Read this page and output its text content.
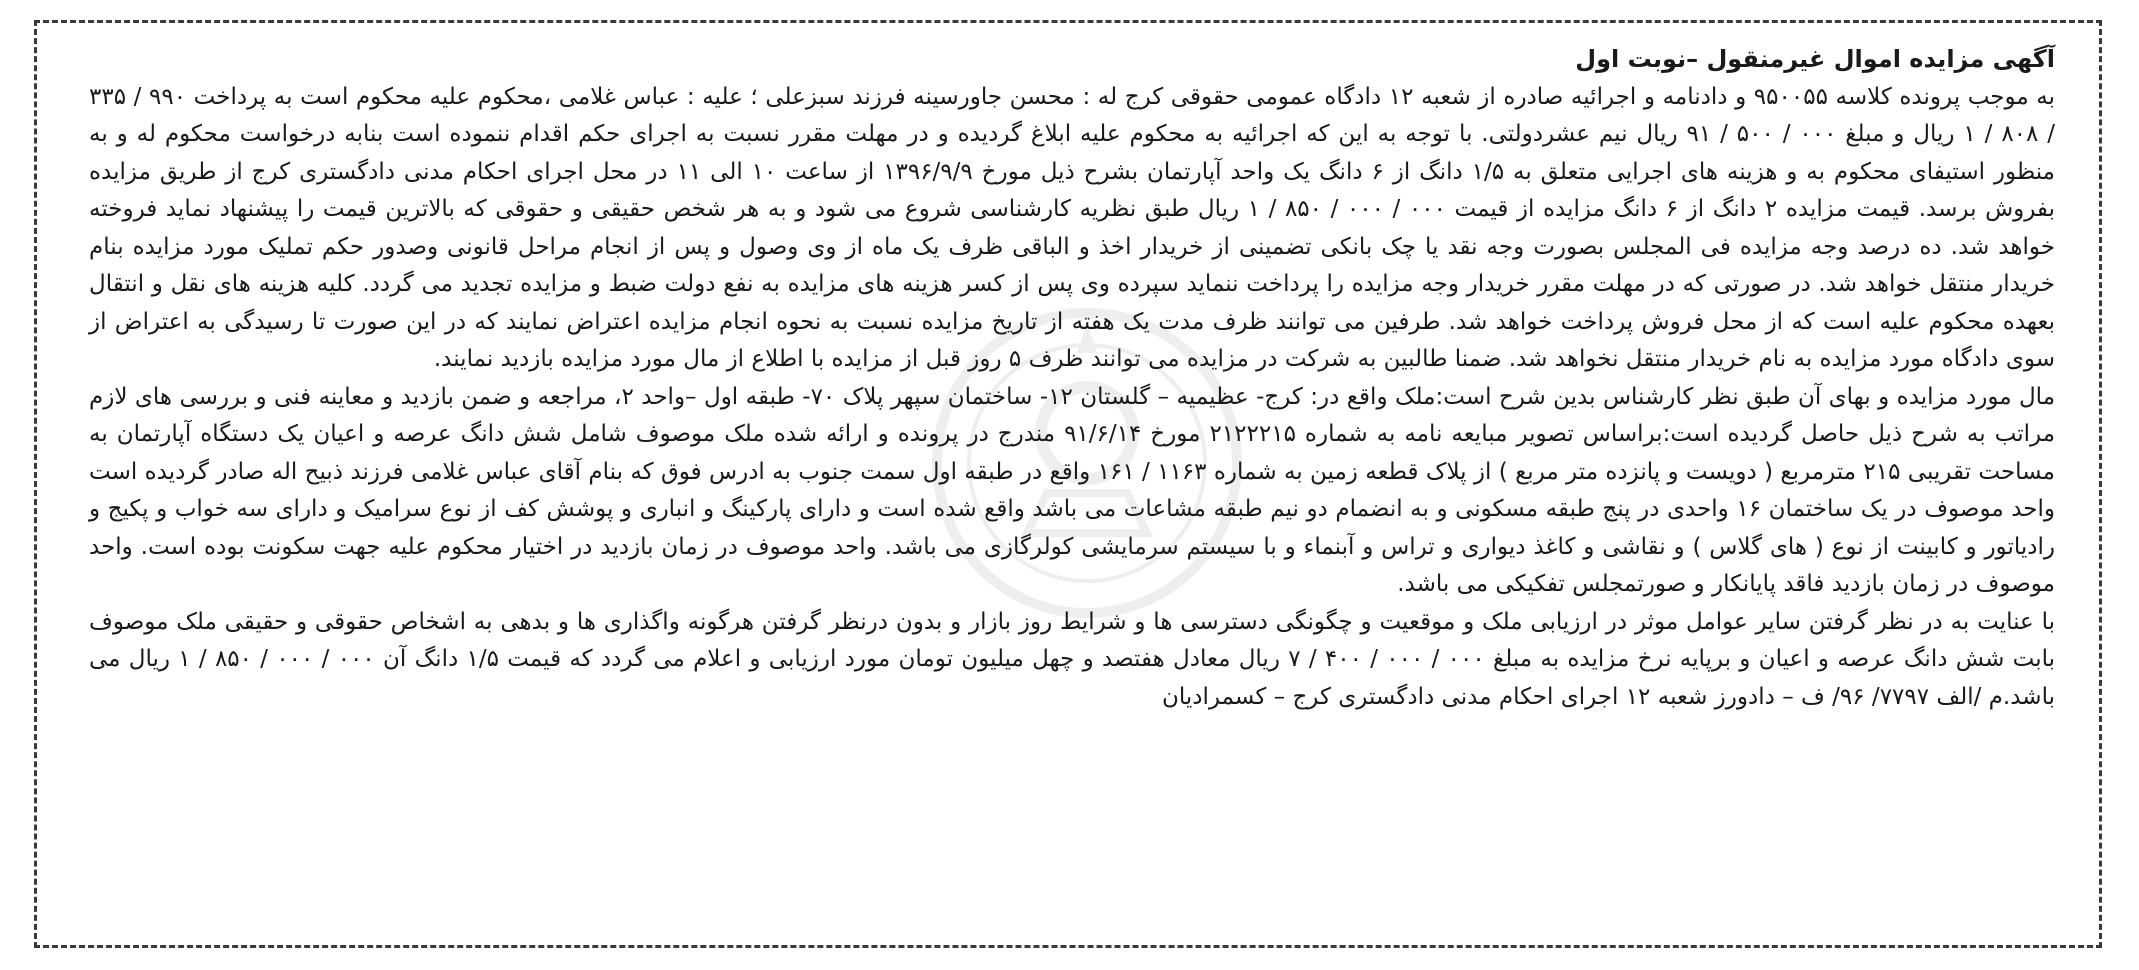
آگهی مزایده اموال غیرمنقول –نوبت اول

به موجب پرونده کلاسه ۹۵۰۰۵۵ و دادنامه و اجرائیه صادره از شعبه ۱۲ دادگاه عمومی حقوقی کرج له : محسن جاورسینه فرزند سبزعلی ؛ علیه : عباس غلامی ،محکوم علیه محکوم است به پرداخت ۹۹۰ / ۳۳۵ / ۸۰۸ / ۱ ریال و مبلغ ۰۰۰ / ۵۰۰ / ۹۱ ریال نیم عشردولتی. با توجه به این که اجرائیه به محکوم علیه ابلاغ گردیده و در مهلت مقرر نسبت به اجرای حکم اقدام ننموده است بنابه درخواست محکوم له و به منظور استیفای محکوم به و هزینه های اجرایی متعلق به ۱/۵ دانگ از ۶ دانگ یک واحد آپارتمان بشرح ذیل مورخ ۱۳۹۶/۹/۹ از ساعت ۱۰ الی ۱۱ در محل اجرای احکام مدنی دادگستری کرج از طریق مزایده بفروش برسد. قیمت مزایده ۲ دانگ از ۶ دانگ مزایده از قیمت ۰۰۰ / ۰۰۰ / ۸۵۰ / ۱ ریال طبق نظریه کارشناسی شروع می شود و به هر شخص حقیقی و حقوقی که بالاترین قیمت را پیشنهاد نماید فروخته خواهد شد. ده درصد وجه مزایده فی المجلس بصورت وجه نقد یا چک بانکی تضمینی از خریدار اخذ و الباقی ظرف یک ماه از وی وصول و پس از انجام مراحل قانونی وصدور حکم تملیک مورد مزایده بنام خریدار منتقل خواهد شد. در صورتی که در مهلت مقرر خریدار وجه مزایده را پرداخت ننماید سپرده وی پس از کسر هزینه های مزایده به نفع دولت ضبط و مزایده تجدید می گردد. کلیه هزینه های نقل و انتقال بعهده محکوم علیه است که از محل فروش پرداخت خواهد شد. طرفین می توانند ظرف مدت یک هفته از تاریخ مزایده نسبت به نحوه انجام مزایده اعتراض نمایند که در این صورت تا رسیدگی به اعتراض از سوی دادگاه مورد مزایده به نام خریدار منتقل نخواهد شد. ضمنا طالبین به شرکت در مزایده می توانند ظرف ۵ روز قبل از مزایده با اطلاع از مال مورد مزایده بازدید نمایند.

مال مورد مزایده و بهای آن طبق نظر کارشناس بدین شرح است:ملک واقع در: کرج- عظیمیه – گلستان ۱۲- ساختمان سپهر پلاک ۷۰- طبقه اول –واحد ۲، مراجعه و ضمن بازدید و معاینه فنی و بررسی های لازم مراتب به شرح ذیل حاصل گردیده است:براساس تصویر مبایعه نامه به شماره ۲۱۲۲۲۱۵ مورخ ۹۱/۶/۱۴ مندرج در پرونده و ارائه شده ملک موصوف شامل شش دانگ عرصه و اعیان یک دستگاه آپارتمان به مساحت تقریبی ۲۱۵ مترمربع ( دویست و پانزده متر مربع ) از پلاک قطعه زمین به شماره ۱۱۶۳ / ۱۶۱ واقع در طبقه اول سمت جنوب به ادرس فوق که بنام آقای عباس غلامی فرزند ذبیح اله صادر گردیده است واحد موصوف در یک ساختمان ۱۶ واحدی در پنج طبقه مسکونی و به انضمام دو نیم طبقه مشاعات می باشد واقع شده است و دارای پارکینگ و انباری و پوشش کف از نوع سرامیک و دارای سه خواب و پکیج و رادیاتور و کابینت از نوع ( های گلاس ) و نقاشی و کاغذ دیواری و تراس و آبنماء و با سیستم سرمایشی کولرگازی می باشد. واحد موصوف در زمان بازدید در اختیار محکوم علیه جهت سکونت بوده است. واحد موصوف در زمان بازدید فاقد پایانکار و صورتمجلس تفکیکی می باشد.

با عنایت به در نظر گرفتن سایر عوامل موثر در ارزیابی ملک و موقعیت و چگونگی دسترسی ها و شرایط روز بازار و بدون درنظر گرفتن هرگونه واگذاری ها و بدهی به اشخاص حقوقی و حقیقی ملک موصوف بابت شش دانگ عرصه و اعیان و برپایه نرخ مزایده به مبلغ ۰۰۰ / ۰۰۰ / ۴۰۰ / ۷ ریال معادل هفتصد و چهل میلیون تومان مورد ارزیابی و اعلام می گردد که قیمت ۱/۵ دانگ آن ۰۰۰ / ۰۰۰ / ۸۵۰ / ۱ ریال می باشد.م /الف ۷۷۹۷/ ۹۶/ ف – دادورز شعبه ۱۲ اجرای احکام مدنی دادگستری کرج – کسمرادیان
